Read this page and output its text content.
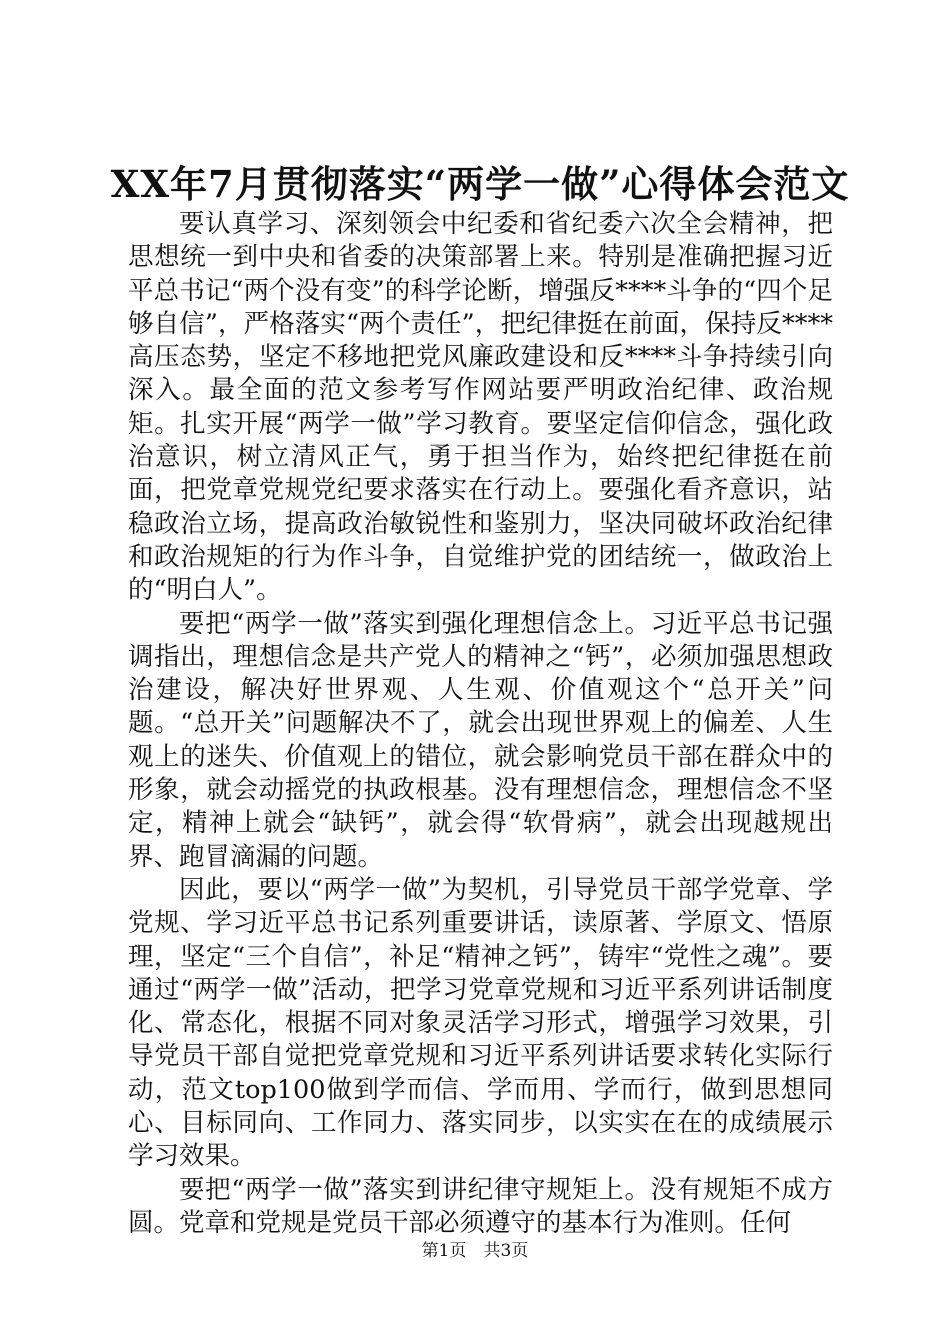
XX年7月贯彻落实“两学一做”心得体会范文

要认真学习、深刻领会中纪委和省纪委六次全会精神，把思想统一到中央和省委的决策部署上来。特别是准确把握习近平总书记“两个没有变”的科学论断，增强反****斗争的“四个足够自信”，严格落实“两个责任”，把纪律挺在前面，保持反****高压态势，坚定不移地把党风廉政建设和反****斗争持续引向深入。最全面的范文参考写作网站要严明政治纪律、政治规矩。扎实开展“两学一做”学习教育。要坚定信仰信念，强化政治意识，树立清风正气，勇于担当作为，始终把纪律挺在前面，把党章党规党纪要求落实在行动上。要强化看齐意识，站稳政治立场，提高政治敏锐性和鉴别力，坚决同破坏政治纪律和政治规矩的行为作斗争，自觉维护党的团结统一，做政治上的“明白人”。

要把“两学一做”落实到强化理想信念上。习近平总书记强调指出，理想信念是共产党人的精神之“钙”，必须加强思想政治建设，解决好世界观、人生观、价值观这个“总开关”问题。“总开关”问题解决不了，就会出现世界观上的偏差、人生观上的迷失、价值观上的错位，就会影响党员干部在群众中的形象，就会动摇党的执政根基。没有理想信念，理想信念不坚定，精神上就会“缺钙”，就会得“软骨病”，就会出现越规出界、跑冒滴漏的问题。

因此，要以“两学一做”为契机，引导党员干部学党章、学党规、学习近平总书记系列重要讲话，读原著、学原文、悟原理，坚定“三个自信”，补足“精神之钙”，铸牢“党性之魂”。要通过“两学一做”活动，把学习党章党规和习近平系列讲话制度化、常态化，根据不同对象灵活学习形式，增强学习效果，引导党员干部自觉把党章党规和习近平系列讲话要求转化实际行动，范文top100做到学而信、学而用、学而行，做到思想同心、目标同向、工作同力、落实同步，以实实在在的成绩展示学习效果。

要把“两学一做”落实到讲纪律守规矩上。没有规矩不成方圆。党章和党规是党员干部必须遵守的基本行为准则。任何

第1页  共3页
